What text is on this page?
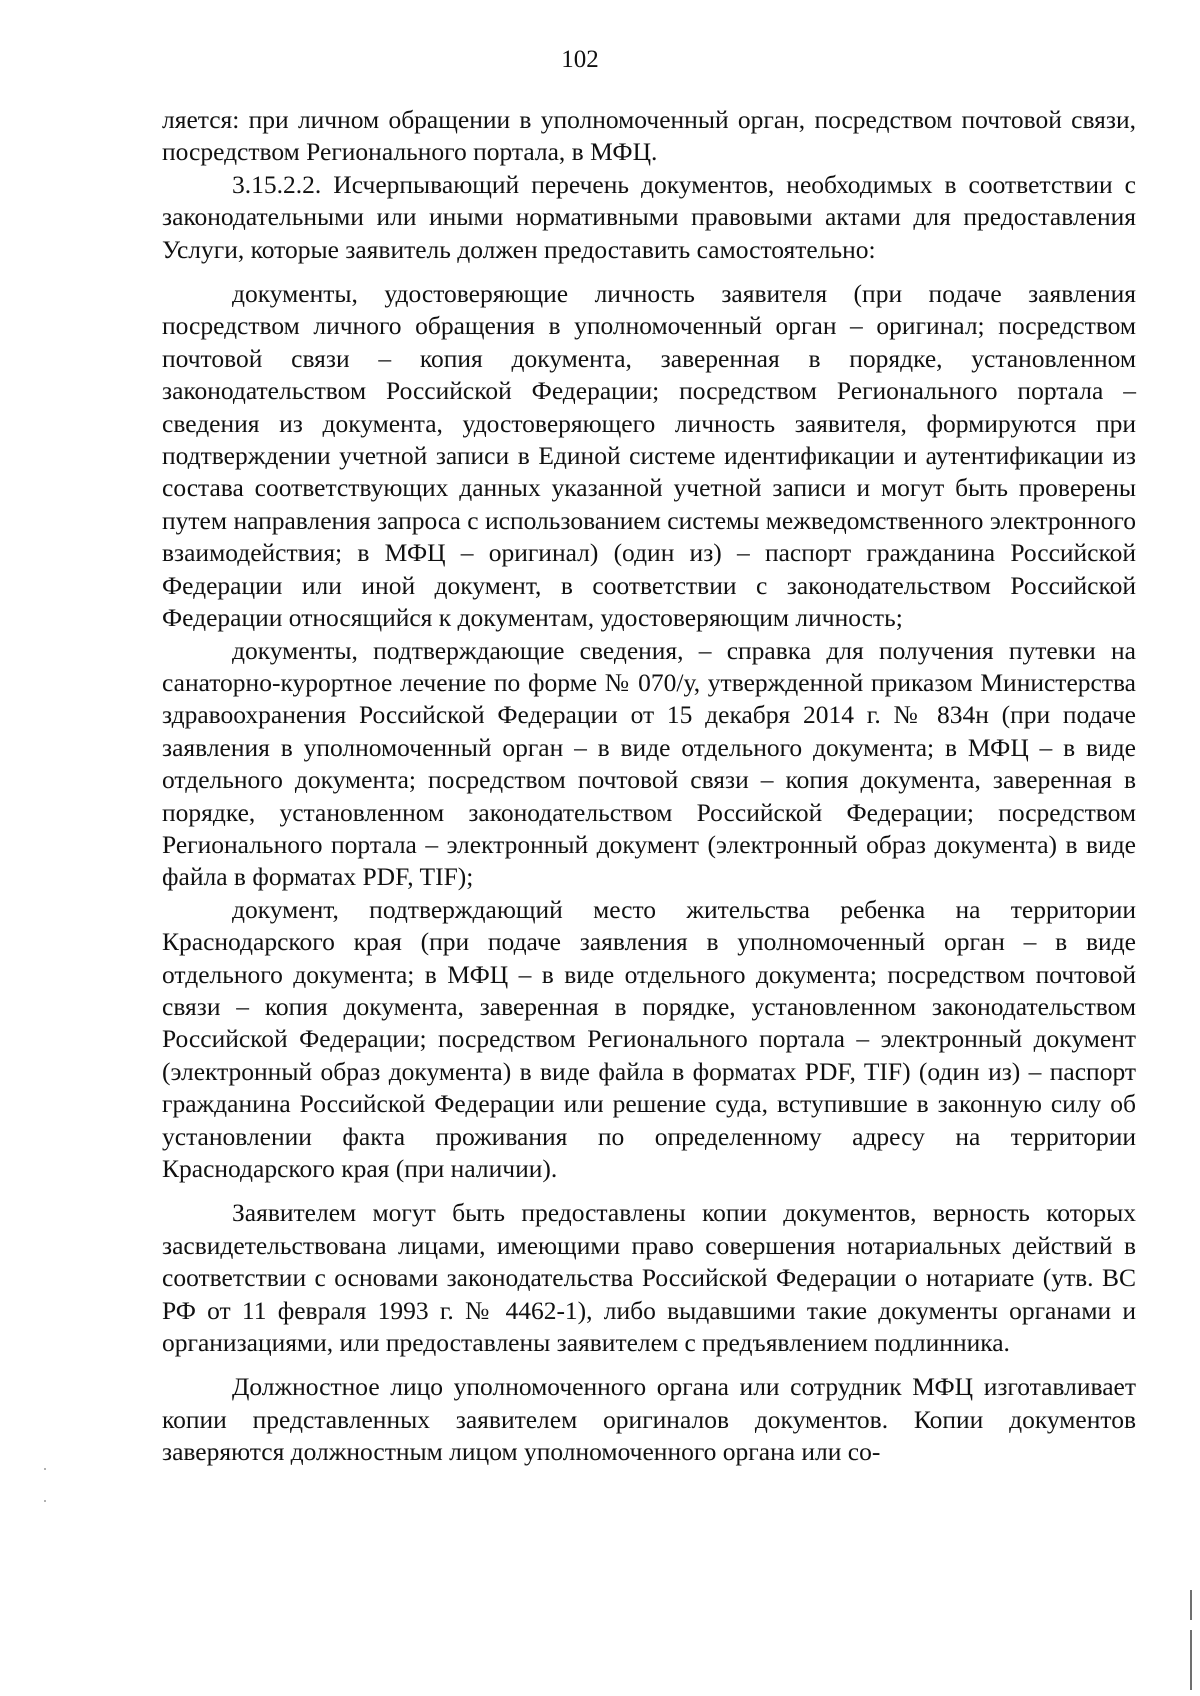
102

ляется: при личном обращении в уполномоченный орган, посредством почтовой связи, посредством Регионального портала, в МФЦ.

3.15.2.2. Исчерпывающий перечень документов, необходимых в соответствии с законодательными или иными нормативными правовыми актами для предоставления Услуги, которые заявитель должен предоставить самостоятельно:

документы, удостоверяющие личность заявителя (при подаче заявления посредством личного обращения в уполномоченный орган – оригинал; посредством почтовой связи – копия документа, заверенная в порядке, установленном законодательством Российской Федерации; посредством Регионального портала – сведения из документа, удостоверяющего личность заявителя, формируются при подтверждении учетной записи в Единой системе идентификации и аутентификации из состава соответствующих данных указанной учетной записи и могут быть проверены путем направления запроса с использованием системы межведомственного электронного взаимодействия; в МФЦ – оригинал) (один из) – паспорт гражданина Российской Федерации или иной документ, в соответствии с законодательством Российской Федерации относящийся к документам, удостоверяющим личность;

документы, подтверждающие сведения, – справка для получения путевки на санаторно-курортное лечение по форме № 070/у, утвержденной приказом Министерства здравоохранения Российской Федерации от 15 декабря 2014 г. № 834н (при подаче заявления в уполномоченный орган – в виде отдельного документа; в МФЦ – в виде отдельного документа; посредством почтовой связи – копия документа, заверенная в порядке, установленном законодательством Российской Федерации; посредством Регионального портала – электронный документ (электронный образ документа) в виде файла в форматах PDF, TIF);

документ, подтверждающий место жительства ребенка на территории Краснодарского края (при подаче заявления в уполномоченный орган – в виде отдельного документа; в МФЦ – в виде отдельного документа; посредством почтовой связи – копия документа, заверенная в порядке, установленном законодательством Российской Федерации; посредством Регионального портала – электронный документ (электронный образ документа) в виде файла в форматах PDF, TIF) (один из) – паспорт гражданина Российской Федерации или решение суда, вступившие в законную силу об установлении факта проживания по определенному адресу на территории Краснодарского края (при наличии).

Заявителем могут быть предоставлены копии документов, верность которых засвидетельствована лицами, имеющими право совершения нотариальных действий в соответствии с основами законодательства Российской Федерации о нотариате (утв. ВС РФ от 11 февраля 1993 г. № 4462-1), либо выдавшими такие документы органами и организациями, или предоставлены заявителем с предъявлением подлинника.

Должностное лицо уполномоченного органа или сотрудник МФЦ изготавливает копии представленных заявителем оригиналов документов. Копии документов заверяются должностным лицом уполномоченного органа или со-
